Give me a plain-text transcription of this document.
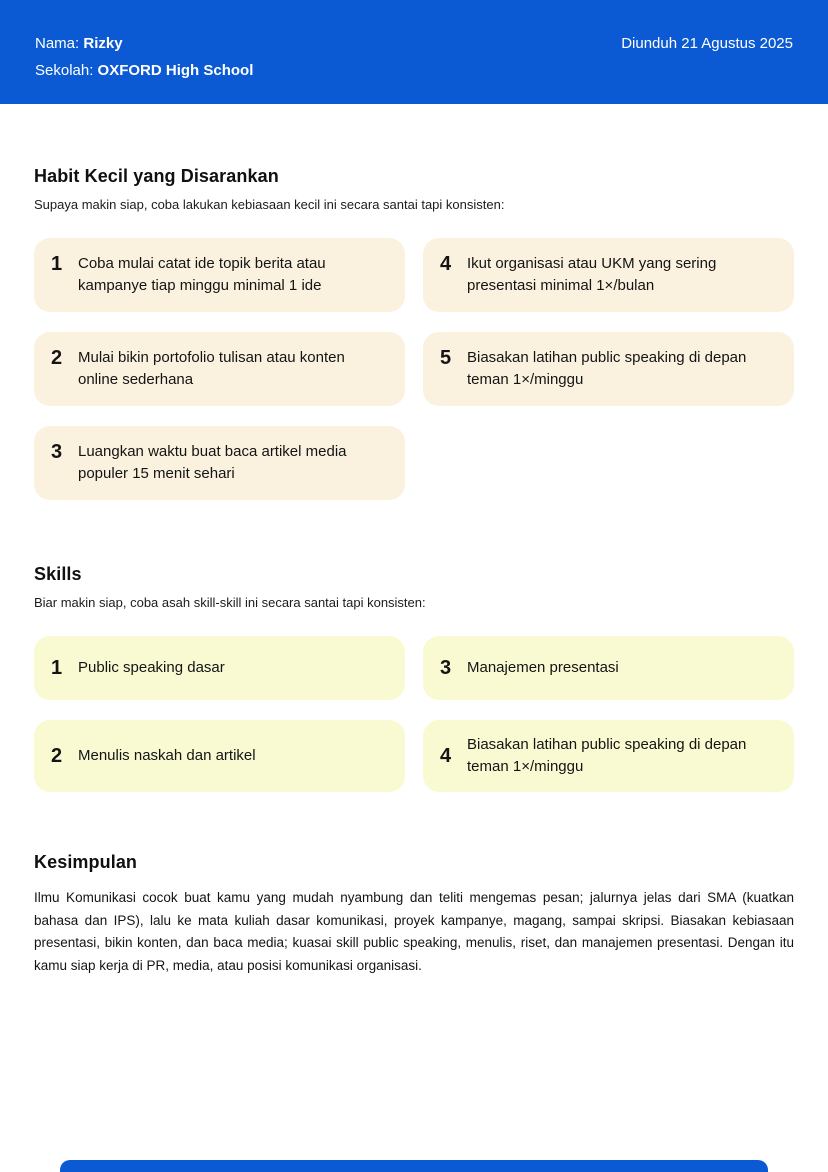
Nama: Rizky
Sekolah: OXFORD High School
Diunduh 21 Agustus 2025
Habit Kecil yang Disarankan
Supaya makin siap, coba lakukan kebiasaan kecil ini secara santai tapi konsisten:
1	Coba mulai catat ide topik berita atau kampanye tiap minggu minimal 1 ide
4	Ikut organisasi atau UKM yang sering presentasi minimal 1×/bulan
2	Mulai bikin portofolio tulisan atau konten online sederhana
5	Biasakan latihan public speaking di depan teman 1×/minggu
3	Luangkan waktu buat baca artikel media populer 15 menit sehari
Skills
Biar makin siap, coba asah skill-skill ini secara santai tapi konsisten:
1	Public speaking dasar	3	Manajemen presentasi
2	Menulis naskah dan artikel	4	Biasakan latihan public speaking di depan teman 1×/minggu
Kesimpulan
Ilmu Komunikasi cocok buat kamu yang mudah nyambung dan teliti mengemas pesan; jalurnya jelas dari SMA (kuatkan bahasa dan IPS), lalu ke mata kuliah dasar komunikasi, proyek kampanye, magang, sampai skripsi. Biasakan kebiasaan presentasi, bikin konten, dan baca media; kuasai skill public speaking, menulis, riset, dan manajemen presentasi. Dengan itu kamu siap kerja di PR, media, atau posisi komunikasi organisasi.
